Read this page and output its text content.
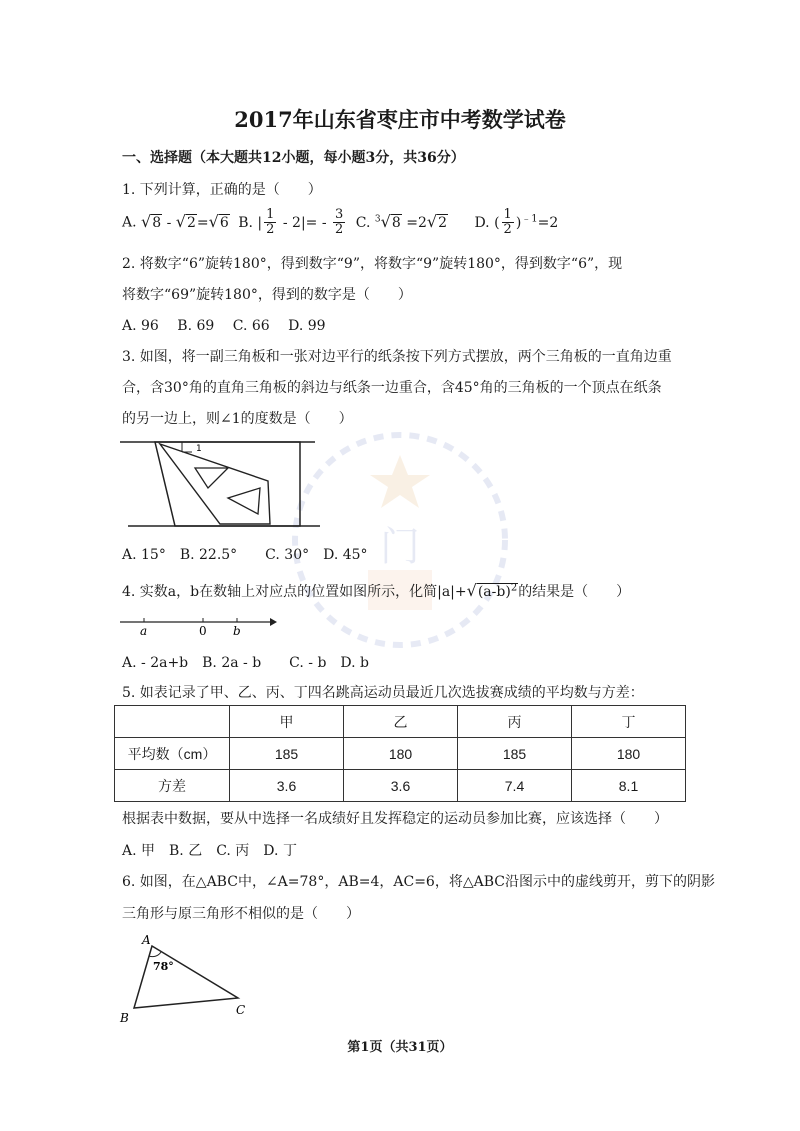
门
2017年山东省枣庄市中考数学试卷
一、选择题（本大题共12小题，每小题3分，共36分）
1. 下列计算，正确的是（　　）
A. √8 - √2=√6 B. | $\frac{1}{2} - 2|= - \frac{3}{2} C$. $^3$√8 =2√2 D. ( $\frac{1}{2} )^{﹣1}=2$
2. 将数字“6”旋转180°，得到数字“9”，将数字“9”旋转180°，得到数字“6”，现
将数字“69”旋转180°，得到的数字是（　　）
A. 96　 B. 69　 C. 66　 D. 99
3. 如图，将一副三角板和一张对边平行的纸条按下列方式摆放，两个三角板的一直角边重
合，含30°角的直角三角板的斜边与纸条一边重合，含45°角的三角板的一个顶点在纸条
的另一边上，则∠1的度数是（　　）
1
A. 15°　B. 22.5°　　C. 30°　D. 45°
4. 实数a，b在数轴上对应点的位置如图所示，化简$|a|+√(a-b)^2$的结果是（　　）
a	0 b
A. - 2a+b　B. 2a - b　　C. - b　D. b
5. 如表记录了甲、乙、丙、丁四名跳高运动员最近几次选拔赛成绩的平均数与方差：
	甲	乙	丙	丁
平均数（cm）	185	180	185	180
方差	3.6	3.6	7.4	8.1
根据表中数据，要从中选择一名成绩好且发挥稳定的运动员参加比赛，应该选择（　　）
A. 甲　B. 乙　C. 丙　D. 丁
6. 如图，在△ABC中，∠A=78°，AB=4，AC=6，将△ABC沿图示中的虚线剪开，剪下的阴影
三角形与原三角形不相似的是（　　）
A
78°
B
C
第1页（共31页）
